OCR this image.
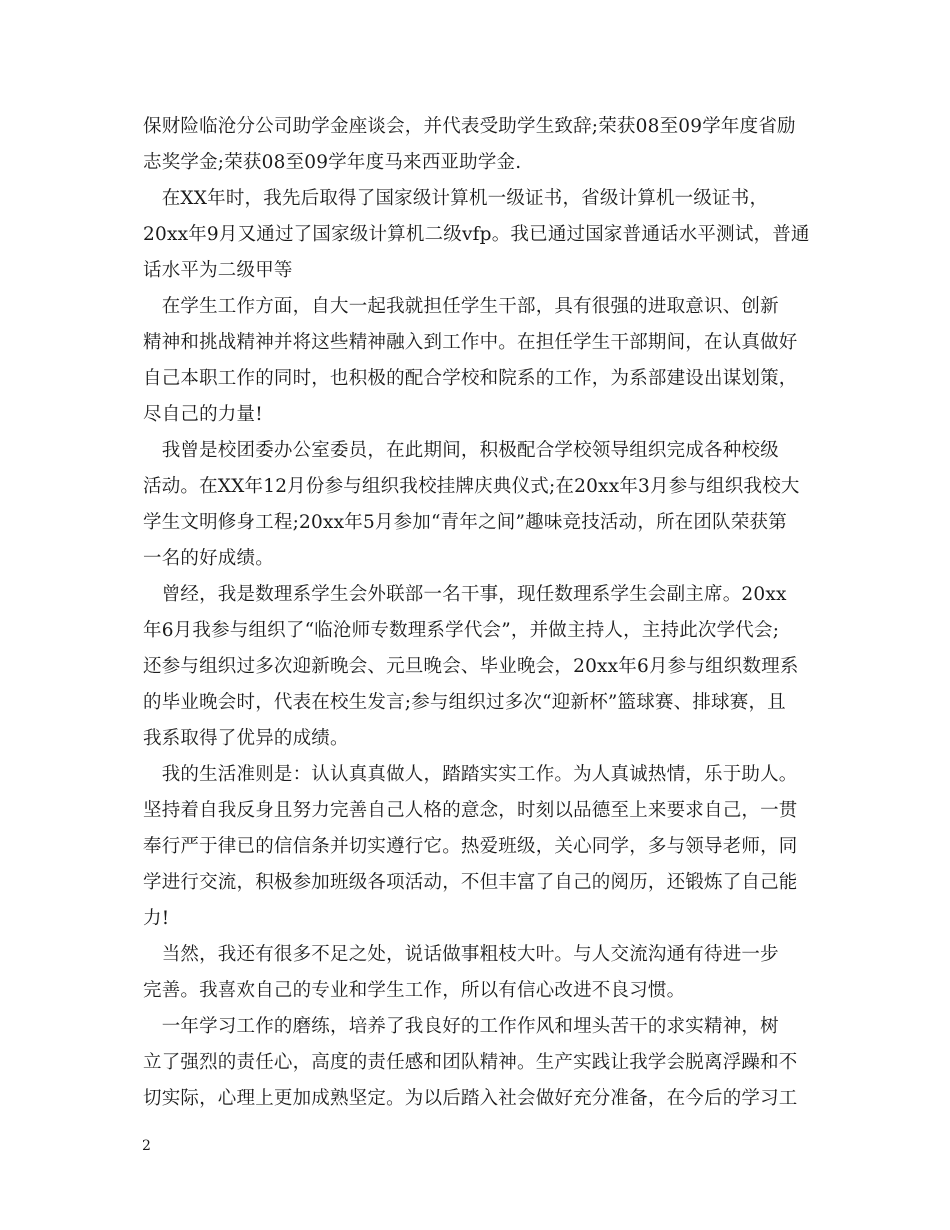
保财险临沧分公司助学金座谈会，并代表受助学生致辞;荣获08至09学年度省励
志奖学金;荣获08至09学年度马来西亚助学金.
　在XX年时，我先后取得了国家级计算机一级证书，省级计算机一级证书，
20xx年9月又通过了国家级计算机二级vfp。我已通过国家普通话水平测试，普通
话水平为二级甲等
　在学生工作方面，自大一起我就担任学生干部，具有很强的进取意识、创新
精神和挑战精神并将这些精神融入到工作中。在担任学生干部期间，在认真做好
自己本职工作的同时，也积极的配合学校和院系的工作，为系部建设出谋划策，
尽自己的力量!
　我曾是校团委办公室委员，在此期间，积极配合学校领导组织完成各种校级
活动。在XX年12月份参与组织我校挂牌庆典仪式;在20xx年3月参与组织我校大
学生文明修身工程;20xx年5月参加“青年之间”趣味竞技活动，所在团队荣获第
一名的好成绩。
　曾经，我是数理系学生会外联部一名干事，现任数理系学生会副主席。20xx
年6月我参与组织了“临沧师专数理系学代会”，并做主持人，主持此次学代会;
还参与组织过多次迎新晚会、元旦晚会、毕业晚会，20xx年6月参与组织数理系
的毕业晚会时，代表在校生发言;参与组织过多次“迎新杯”篮球赛、排球赛，且
我系取得了优异的成绩。
　我的生活准则是：认认真真做人，踏踏实实工作。为人真诚热情，乐于助人。
坚持着自我反身且努力完善自己人格的意念，时刻以品德至上来要求自己，一贯
奉行严于律已的信信条并切实遵行它。热爱班级，关心同学，多与领导老师，同
学进行交流，积极参加班级各项活动，不但丰富了自己的阅历，还锻炼了自己能
力!
　当然，我还有很多不足之处，说话做事粗枝大叶。与人交流沟通有待进一步
完善。我喜欢自己的专业和学生工作，所以有信心改进不良习惯。
　一年学习工作的磨练，培养了我良好的工作作风和埋头苦干的求实精神，树
立了强烈的责任心，高度的责任感和团队精神。生产实践让我学会脱离浮躁和不
切实际，心理上更加成熟坚定。为以后踏入社会做好充分准备，在今后的学习工
2
